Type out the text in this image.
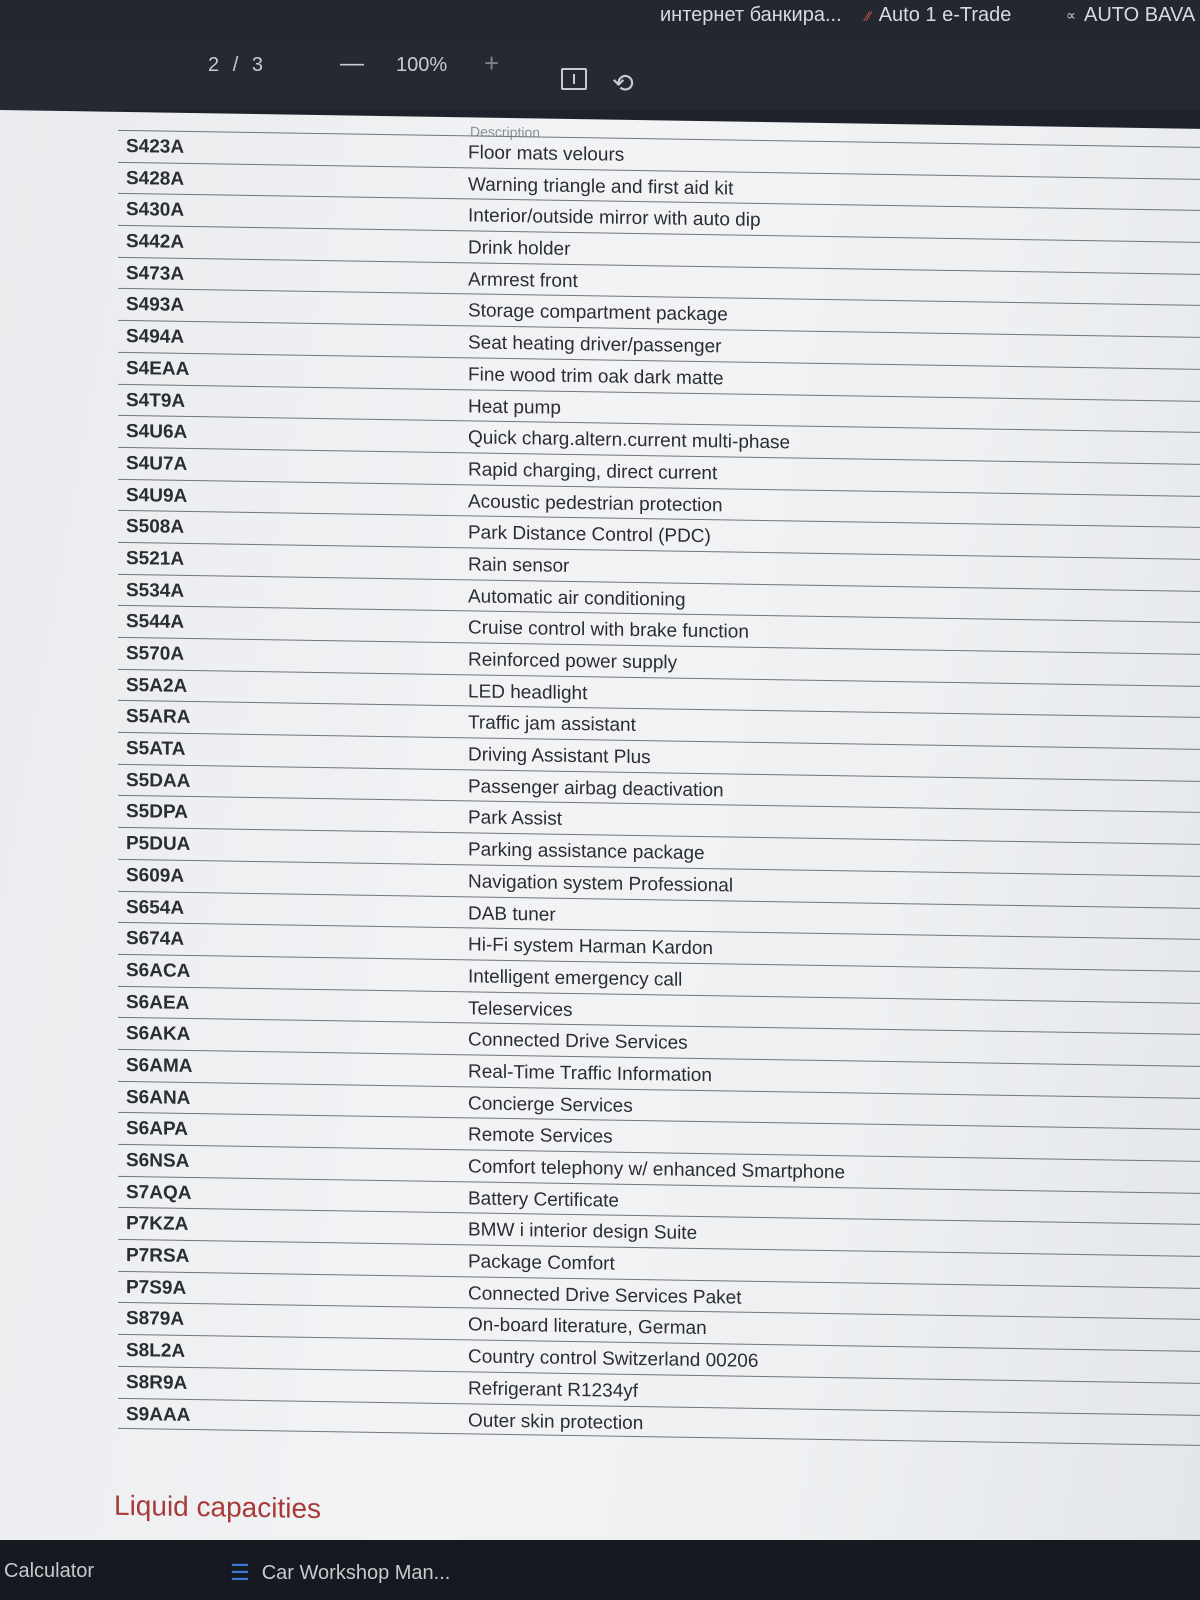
интернет банкира... ⁄⁄ Auto 1 e-Trade	∝ AUTO BAVA
2 / 3	— 100% +
⟲
Description
S423A	Floor mats velours
S428A	Warning triangle and first aid kit
S430A	Interior/outside mirror with auto dip
S442A	Drink holder
S473A	Armrest front
S493A	Storage compartment package
S494A	Seat heating driver/passenger
S4EAA	Fine wood trim oak dark matte
S4T9A	Heat pump
S4U6A	Quick charg.altern.current multi-phase
S4U7A	Rapid charging, direct current
S4U9A	Acoustic pedestrian protection
S508A	Park Distance Control (PDC)
S521A	Rain sensor
S534A	Automatic air conditioning
S544A	Cruise control with brake function
S570A	Reinforced power supply
S5A2A	LED headlight
S5ARA	Traffic jam assistant
S5ATA	Driving Assistant Plus
S5DAA	Passenger airbag deactivation
S5DPA	Park Assist
P5DUA	Parking assistance package
S609A	Navigation system Professional
S654A	DAB tuner
S674A	Hi-Fi system Harman Kardon
S6ACA	Intelligent emergency call
S6AEA	Teleservices
S6AKA	Connected Drive Services
S6AMA	Real-Time Traffic Information
S6ANA	Concierge Services
S6APA	Remote Services
S6NSA	Comfort telephony w/ enhanced Smartphone
S7AQA	Battery Certificate
P7KZA	BMW i interior design Suite
P7RSA	Package Comfort
P7S9A	Connected Drive Services Paket
S879A	On-board literature, German
S8L2A	Country control Switzerland 00206
S8R9A	Refrigerant R1234yf
S9AAA	Outer skin protection
Liquid capacities
Calculator	☰ Car Workshop Man...
